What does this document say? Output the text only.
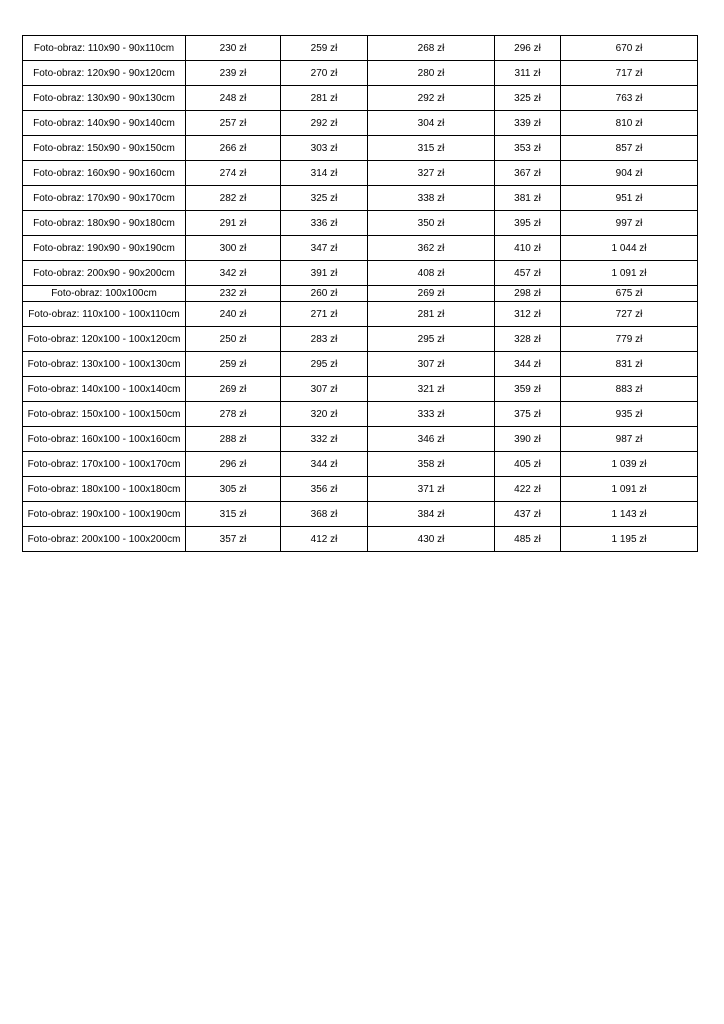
Foto-obraz: 110x90 - 90x110cm	230 zł	259 zł	268 zł	296 zł	670 zł
Foto-obraz: 120x90 - 90x120cm	239 zł	270 zł	280 zł	311 zł	717 zł
Foto-obraz: 130x90 - 90x130cm	248 zł	281 zł	292 zł	325 zł	763 zł
Foto-obraz: 140x90 - 90x140cm	257 zł	292 zł	304 zł	339 zł	810 zł
Foto-obraz: 150x90 - 90x150cm	266 zł	303 zł	315 zł	353 zł	857 zł
Foto-obraz: 160x90 - 90x160cm	274 zł	314 zł	327 zł	367 zł	904 zł
Foto-obraz: 170x90 - 90x170cm	282 zł	325 zł	338 zł	381 zł	951 zł
Foto-obraz: 180x90 - 90x180cm	291 zł	336 zł	350 zł	395 zł	997 zł
Foto-obraz: 190x90 - 90x190cm	300 zł	347 zł	362 zł	410 zł	1 044 zł
Foto-obraz: 200x90 - 90x200cm	342 zł	391 zł	408 zł	457 zł	1 091 zł
Foto-obraz: 100x100cm	232 zł	260 zł	269 zł	298 zł	675 zł
Foto-obraz: 110x100 - 100x110cm	240 zł	271 zł	281 zł	312 zł	727 zł
Foto-obraz: 120x100 - 100x120cm	250 zł	283 zł	295 zł	328 zł	779 zł
Foto-obraz: 130x100 - 100x130cm	259 zł	295 zł	307 zł	344 zł	831 zł
Foto-obraz: 140x100 - 100x140cm	269 zł	307 zł	321 zł	359 zł	883 zł
Foto-obraz: 150x100 - 100x150cm	278 zł	320 zł	333 zł	375 zł	935 zł
Foto-obraz: 160x100 - 100x160cm	288 zł	332 zł	346 zł	390 zł	987 zł
Foto-obraz: 170x100 - 100x170cm	296 zł	344 zł	358 zł	405 zł	1 039 zł
Foto-obraz: 180x100 - 100x180cm	305 zł	356 zł	371 zł	422 zł	1 091 zł
Foto-obraz: 190x100 - 100x190cm	315 zł	368 zł	384 zł	437 zł	1 143 zł
Foto-obraz: 200x100 - 100x200cm	357 zł	412 zł	430 zł	485 zł	1 195 zł
